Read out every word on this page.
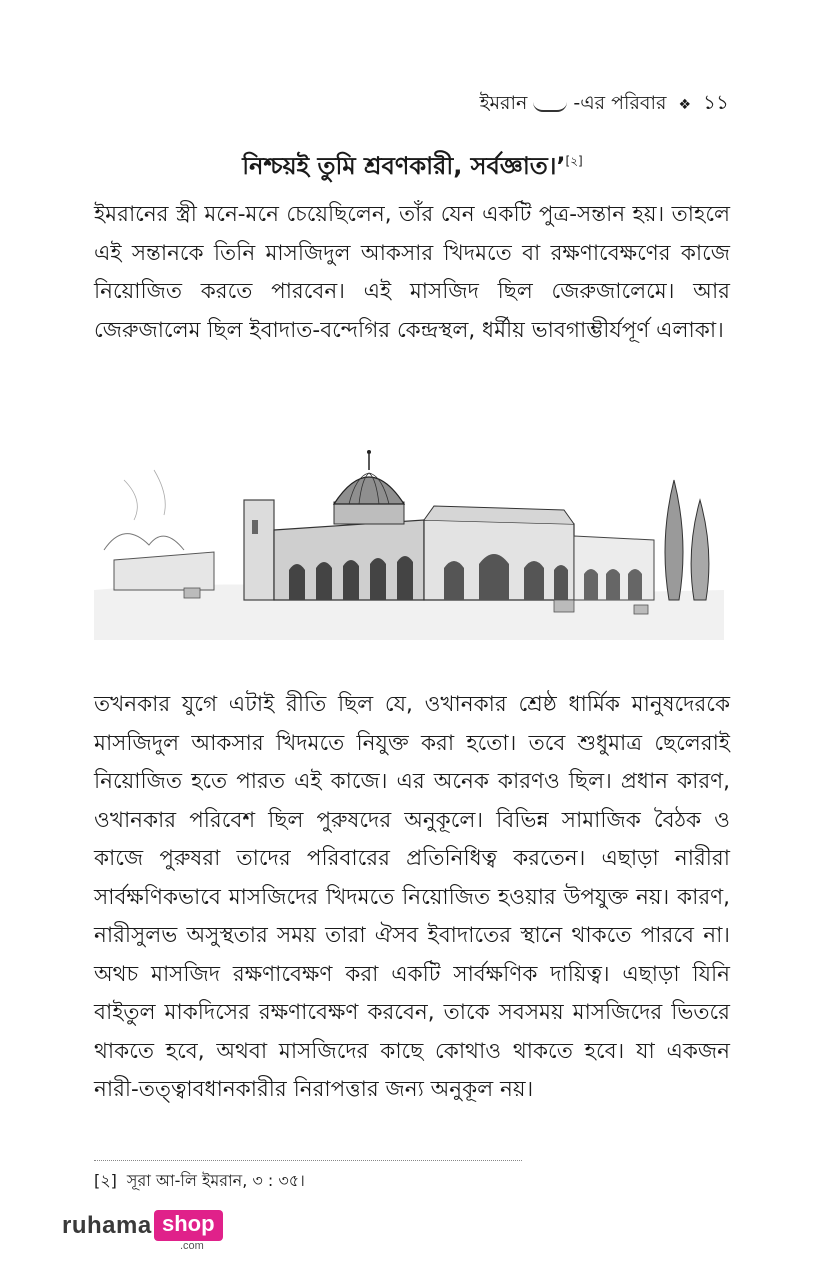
ইমরান -এর পরিবার ❖ ১১
নিশ্চয়ই তুমি শ্রবণকারী, সর্বজ্ঞাত।’[২]
ইমরানের স্ত্রী মনে-মনে চেয়েছিলেন, তাঁর যেন একটি পুত্র-সন্তান হয়। তাহলে এই সন্তানকে তিনি মাসজিদুল আকসার খিদমতে বা রক্ষণাবেক্ষণের কাজে নিয়োজিত করতে পারবেন। এই মাসজিদ ছিল জেরুজালেমে। আর জেরুজালেম ছিল ইবাদাত-বন্দেগির কেন্দ্রস্থল, ধর্মীয় ভাবগাম্ভীর্যপূর্ণ এলাকা।
তখনকার যুগে এটাই রীতি ছিল যে, ওখানকার শ্রেষ্ঠ ধার্মিক মানুষদেরকে মাসজিদুল আকসার খিদমতে নিযুক্ত করা হতো। তবে শুধুমাত্র ছেলেরাই নিয়োজিত হতে পারত এই কাজে। এর অনেক কারণও ছিল। প্রধান কারণ, ওখানকার পরিবেশ ছিল পুরুষদের অনুকূলে। বিভিন্ন সামাজিক বৈঠক ও কাজে পুরুষরা তাদের পরিবারের প্রতিনিধিত্ব করতেন। এছাড়া নারীরা সার্বক্ষণিকভাবে মাসজিদের খিদমতে নিয়োজিত হওয়ার উপযুক্ত নয়। কারণ, নারীসুলভ অসুস্থতার সময় তারা ঐসব ইবাদাতের স্থানে থাকতে পারবে না। অথচ মাসজিদ রক্ষণাবেক্ষণ করা একটি সার্বক্ষণিক দায়িত্ব। এছাড়া যিনি বাইতুল মাকদিসের রক্ষণাবেক্ষণ করবেন, তাকে সবসময় মাসজিদের ভিতরে থাকতে হবে, অথবা মাসজিদের কাছে কোথাও থাকতে হবে। যা একজন নারী-তত্ত্বাবধানকারীর নিরাপত্তার জন্য অনুকূল নয়।
[২] সূরা আ-লি ইমরান, ৩ : ৩৫।
ruhama shop
.com
